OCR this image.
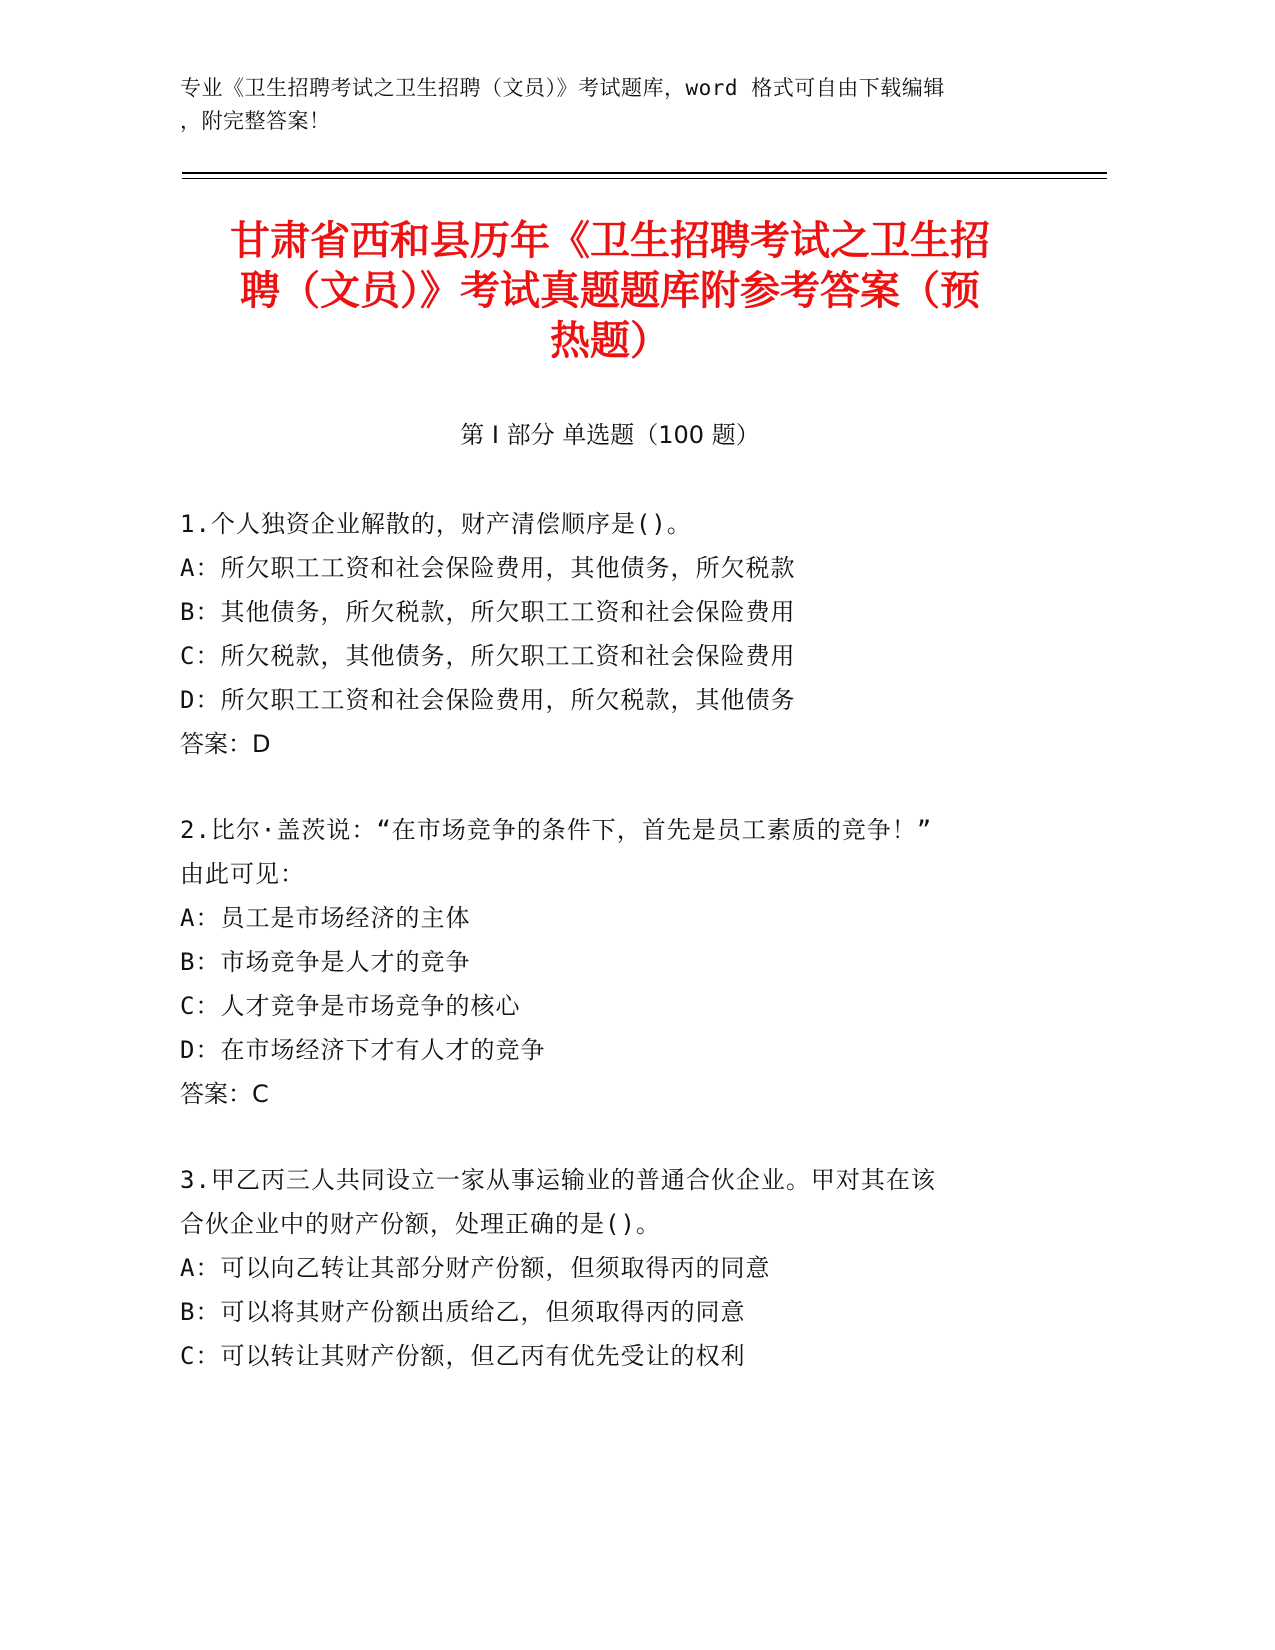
专业《卫生招聘考试之卫生招聘（文员）》考试题库，word 格式可自由下载编辑
，附完整答案！
甘肃省西和县历年《卫生招聘考试之卫生招
聘（文员）》考试真题题库附参考答案（预
热题）
第 I 部分 单选题（100 题）
1.个人独资企业解散的，财产清偿顺序是()。
A：所欠职工工资和社会保险费用，其他债务，所欠税款
B：其他债务，所欠税款，所欠职工工资和社会保险费用
C：所欠税款，其他债务，所欠职工工资和社会保险费用
D：所欠职工工资和社会保险费用，所欠税款，其他债务
答案：D
2.比尔·盖茨说：“在市场竞争的条件下，首先是员工素质的竞争！”
由此可见：
A：员工是市场经济的主体
B：市场竞争是人才的竞争
C：人才竞争是市场竞争的核心
D：在市场经济下才有人才的竞争
答案：C
3.甲乙丙三人共同设立一家从事运输业的普通合伙企业。甲对其在该
合伙企业中的财产份额，处理正确的是()。
A：可以向乙转让其部分财产份额，但须取得丙的同意
B：可以将其财产份额出质给乙，但须取得丙的同意
C：可以转让其财产份额，但乙丙有优先受让的权利
